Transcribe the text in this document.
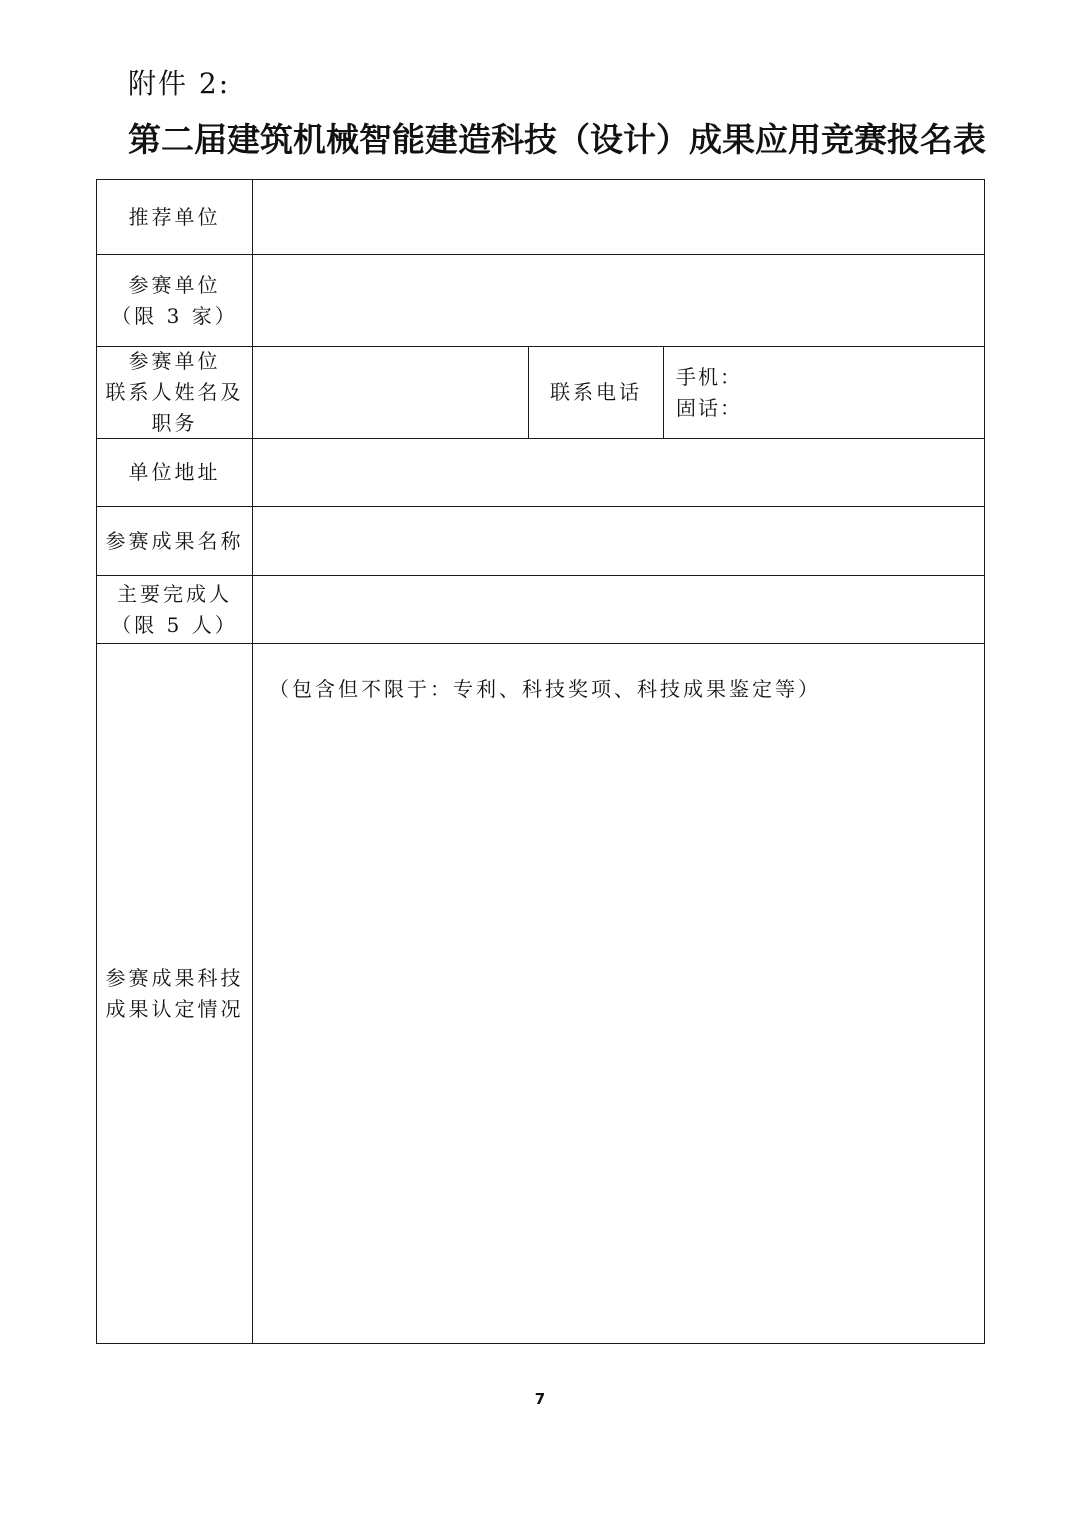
附件 2:
第二届建筑机械智能建造科技（设计）成果应用竞赛报名表
推荐单位
参赛单位
（限 3 家）
参赛单位
联系人姓名及
职务
联系电话
手机：
固话：
单位地址
参赛成果名称
主要完成人
（限 5 人）
参赛成果科技
成果认定情况
（包含但不限于：专利、科技奖项、科技成果鉴定等）
7
